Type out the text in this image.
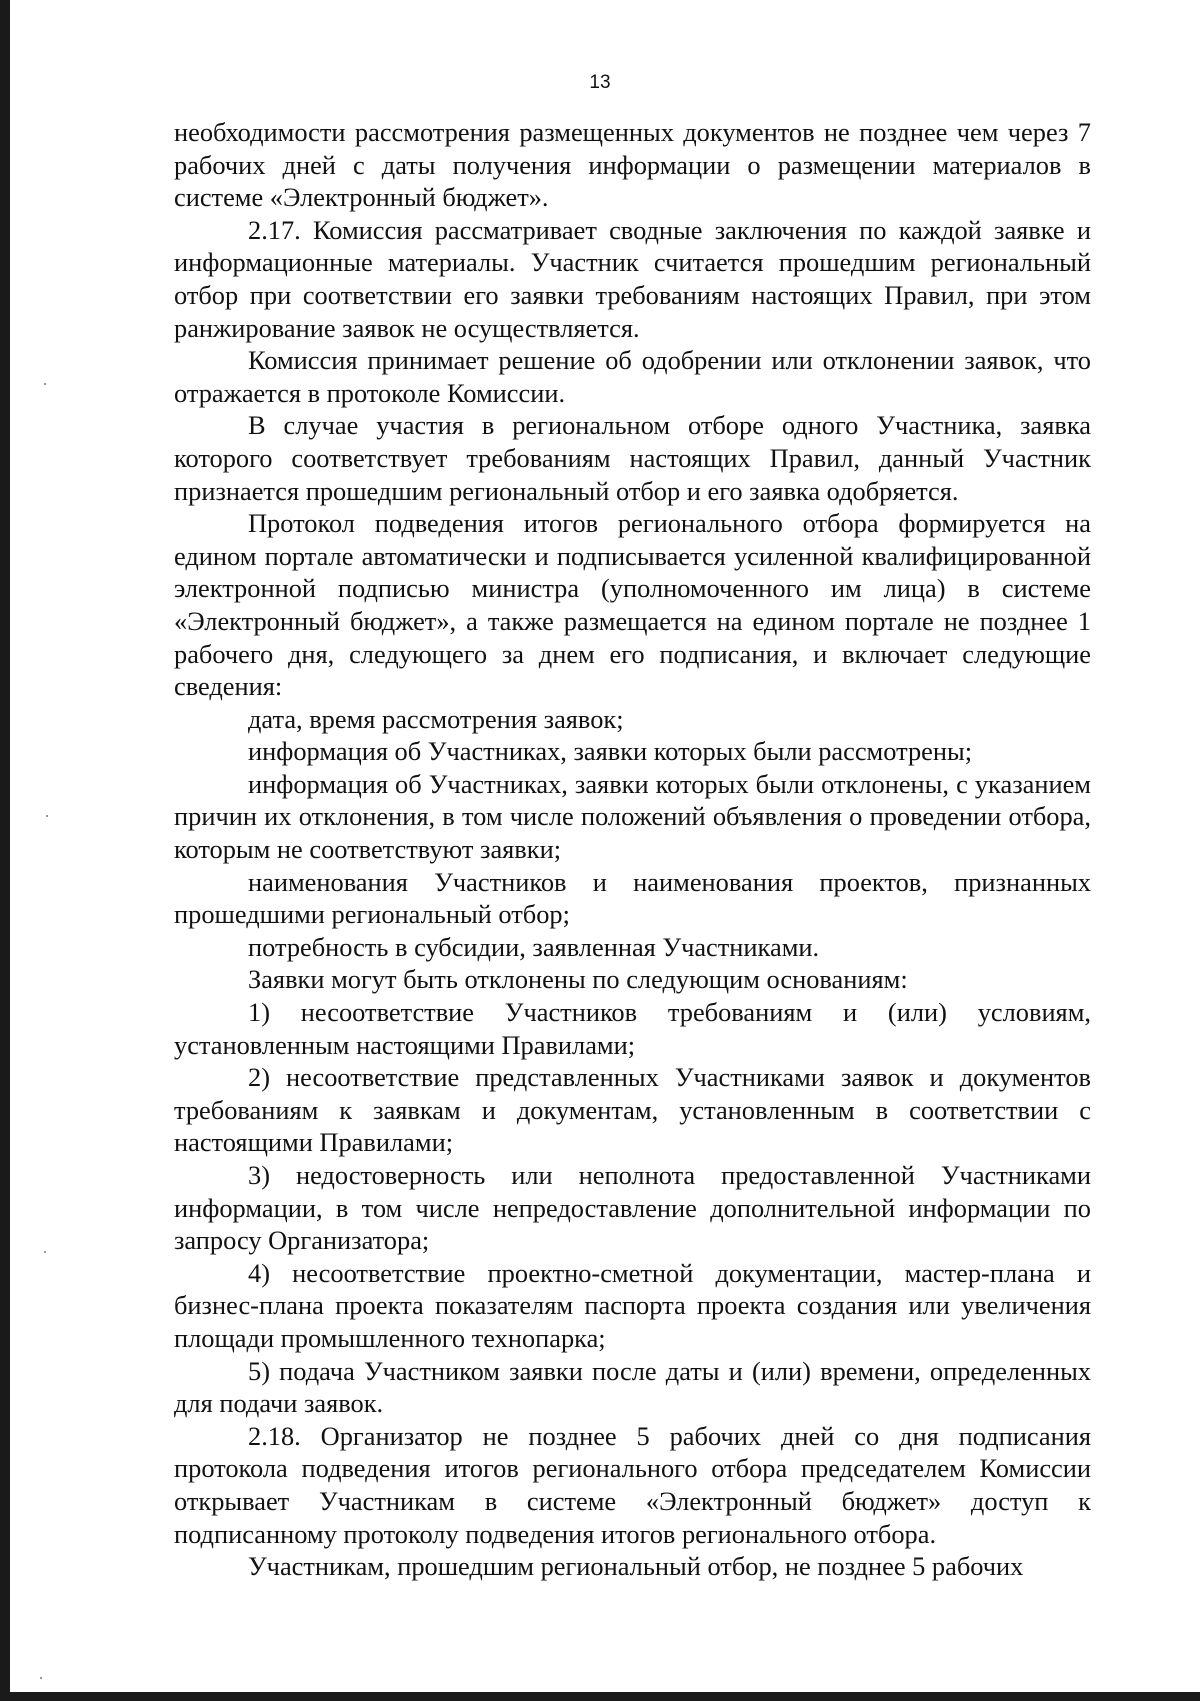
13

необходимости рассмотрения размещенных документов не позднее чем через 7 рабочих дней с даты получения информации о размещении материалов в системе «Электронный бюджет».

2.17. Комиссия рассматривает сводные заключения по каждой заявке и информационные материалы. Участник считается прошедшим региональный отбор при соответствии его заявки требованиям настоящих Правил, при этом ранжирование заявок не осуществляется.

Комиссия принимает решение об одобрении или отклонении заявок, что отражается в протоколе Комиссии.

В случае участия в региональном отборе одного Участника, заявка которого соответствует требованиям настоящих Правил, данный Участник признается прошедшим региональный отбор и его заявка одобряется.

Протокол подведения итогов регионального отбора формируется на едином портале автоматически и подписывается усиленной квалифицированной электронной подписью министра (уполномоченного им лица) в системе «Электронный бюджет», а также размещается на едином портале не позднее 1 рабочего дня, следующего за днем его подписания, и включает следующие сведения:

дата, время рассмотрения заявок;

информация об Участниках, заявки которых были рассмотрены;

информация об Участниках, заявки которых были отклонены, с указанием причин их отклонения, в том числе положений объявления о проведении отбора, которым не соответствуют заявки;

наименования Участников и наименования проектов, признанных прошедшими региональный отбор;

потребность в субсидии, заявленная Участниками.

Заявки могут быть отклонены по следующим основаниям:

1) несоответствие Участников требованиям и (или) условиям, установленным настоящими Правилами;

2) несоответствие представленных Участниками заявок и документов требованиям к заявкам и документам, установленным в соответствии с настоящими Правилами;

3) недостоверность или неполнота предоставленной Участниками информации, в том числе непредоставление дополнительной информации по запросу Организатора;

4) несоответствие проектно-сметной документации, мастер-плана и бизнес-плана проекта показателям паспорта проекта создания или увеличения площади промышленного технопарка;

5) подача Участником заявки после даты и (или) времени, определенных для подачи заявок.

2.18. Организатор не позднее 5 рабочих дней со дня подписания протокола подведения итогов регионального отбора председателем Комиссии открывает Участникам в системе «Электронный бюджет» доступ к подписанному протоколу подведения итогов регионального отбора.

Участникам, прошедшим региональный отбор, не позднее 5 рабочих
